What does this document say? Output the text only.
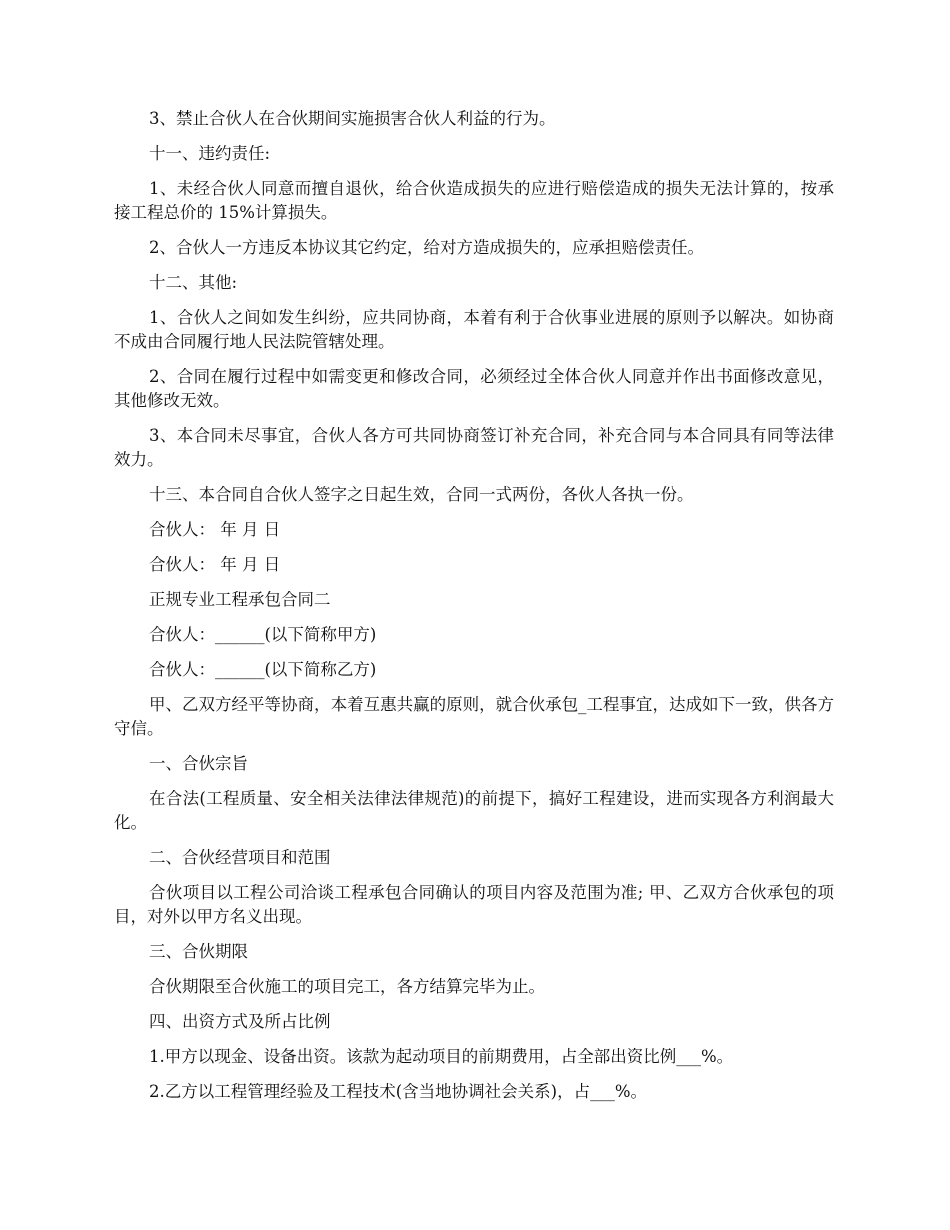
3、禁止合伙人在合伙期间实施损害合伙人利益的行为。

十一、违约责任:

1、未经合伙人同意而擅自退伙，给合伙造成损失的应进行赔偿造成的损失无法计算的，按承接工程总价的 15%计算损失。

2、合伙人一方违反本协议其它约定，给对方造成损失的，应承担赔偿责任。

十二、其他:

1、合伙人之间如发生纠纷，应共同协商，本着有利于合伙事业进展的原则予以解决。如协商不成由合同履行地人民法院管辖处理。

2、合同在履行过程中如需变更和修改合同，必须经过全体合伙人同意并作出书面修改意见，其他修改无效。

3、本合同未尽事宜，合伙人各方可共同协商签订补充合同，补充合同与本合同具有同等法律效力。

十三、本合同自合伙人签字之日起生效，合同一式两份，各伙人各执一份。

合伙人： 年 月 日

合伙人： 年 月 日

正规专业工程承包合同二

合伙人：______(以下简称甲方)

合伙人：______(以下简称乙方)

甲、乙双方经平等协商，本着互惠共赢的原则，就合伙承包_工程事宜，达成如下一致，供各方守信。

一、合伙宗旨

在合法(工程质量、安全相关法律法律规范)的前提下，搞好工程建设，进而实现各方利润最大化。

二、合伙经营项目和范围

合伙项目以工程公司洽谈工程承包合同确认的项目内容及范围为准; 甲、乙双方合伙承包的项目，对外以甲方名义出现。

三、合伙期限

合伙期限至合伙施工的项目完工，各方结算完毕为止。

四、出资方式及所占比例

1.甲方以现金、设备出资。该款为起动项目的前期费用，占全部出资比例___%。

2.乙方以工程管理经验及工程技术(含当地协调社会关系)，占___%。
